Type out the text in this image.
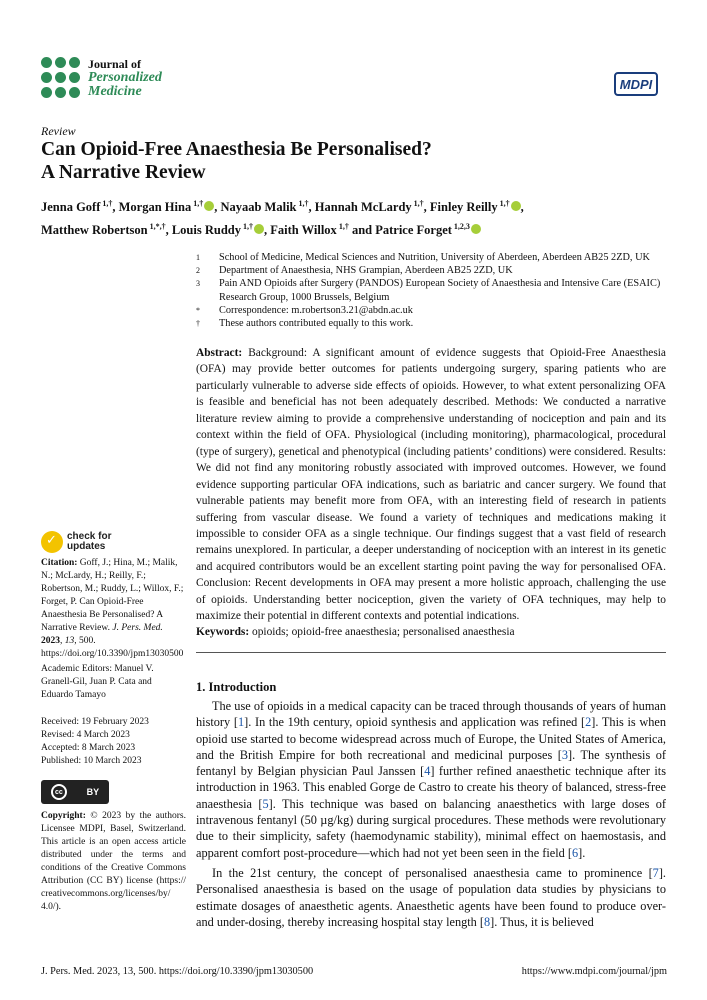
Journal of
Personalized
Medicine	MDPI
Review
Can Opioid-Free Anaesthesia Be Personalised?
A Narrative Review
Jenna Goff $^{1,\dagger}$, Morgan Hina $^{1,\dagger}$ , Nayaab Malik $^{1,\dagger}$, Hannah McLardy $^{1,\dagger}$, Finley Reilly $^{1,\dagger}$ ,
Matthew Robertson $^{1,*,\dagger}$, Louis Ruddy $^{1,\dagger}$ , Faith Willox $^{1,\dagger}$ and Patrice Forget $^{1,2,3}$
1	School of Medicine, Medical Sciences and Nutrition, University of Aberdeen, Aberdeen AB25 2ZD, UK
2	Department of Anaesthesia, NHS Grampian, Aberdeen AB25 2ZD, UK
3	Pain AND Opioids after Surgery (PANDOS) European Society of Anaesthesia and Intensive Care (ESAIC) Research Group, 1000 Brussels, Belgium
*	Correspondence: m.robertson3.21@abdn.ac.uk
†	These authors contributed equally to this work.
Abstract: Background: A significant amount of evidence suggests that Opioid-Free Anaesthesia (OFA) may provide better outcomes for patients undergoing surgery, sparing patients who are particularly vulnerable to adverse side effects of opioids. However, to what extent personalizing OFA is feasible and beneficial has not been adequately described. Methods: We conducted a narrative literature review aiming to provide a comprehensive understanding of nociception and pain and its context within the field of OFA. Physiological (including monitoring), pharmacological, procedural (type of surgery), genetical and phenotypical (including patients’ conditions) were considered. Results: We did not find any monitoring robustly associated with improved outcomes. However, we found evidence supporting particular OFA indications, such as bariatric and cancer surgery. We found that vulnerable patients may benefit more from OFA, with an interesting field of research in patients suffering from vascular disease. We found a variety of techniques and medications making it impossible to consider OFA as a single technique. Our findings suggest that a vast field of research remains unexplored. In particular, a deeper understanding of nociception with an interest in its genetic and acquired contributors would be an excellent starting point paving the way for personalised OFA. Conclusion: Recent developments in OFA may present a more holistic approach, challenging the use of opioids. Understanding better nociception, given the variety of OFA techniques, may help to maximize their potential in different contexts and potential indications.
Keywords: opioids; opioid-free anaesthesia; personalised anaesthesia
✓
check for
updates
Citation: Goff, J.; Hina, M.; Malik, N.; McLardy, H.; Reilly, F.; Robertson, M.; Ruddy, L.; Willox, F.; Forget, P. Can Opioid-Free Anaesthesia Be Personalised? A Narrative Review. J. Pers. Med. 2023, 13, 500. https://doi.org/10.3390/jpm13030500
Academic Editors: Manuel V. Granell-Gil, Juan P. Cata and Eduardo Tamayo
Received: 19 February 2023
Revised: 4 March 2023
Accepted: 8 March 2023
Published: 10 March 2023
cc	BY
Copyright: © 2023 by the authors. Licensee MDPI, Basel, Switzerland. This article is an open access article distributed under the terms and conditions of the Creative Commons Attribution (CC BY) license (https:// creativecommons.org/licenses/by/ 4.0/).
1. Introduction

The use of opioids in a medical capacity can be traced through thousands of years of human history [1]. In the 19th century, opioid synthesis and application was refined [2]. This is when opioid use started to become widespread across much of Europe, the United States of America, and the British Empire for both recreational and medicinal purposes [3]. The synthesis of fentanyl by Belgian physician Paul Janssen [4] further refined anaesthetic technique after its introduction in 1963. This enabled Gorge de Castro to create his theory of balanced, stress-free anaesthesia [5]. This technique was based on balancing anaesthetics with large doses of intravenous fentanyl (50 µg/kg) during surgical procedures. These methods were revolutionary due to their simplicity, safety (haemodynamic stability), minimal effect on haemostasis, and apparent comfort post-procedure—which had not yet been seen in the field [6].

In the 21st century, the concept of personalised anaesthesia came to prominence [7]. Personalised anaesthesia is based on the usage of population data studies by physicians to estimate dosages of anaesthetic agents. Anaesthetic agents have been found to produce over- and under-dosing, thereby increasing hospital stay length [8]. Thus, it is believed

J. Pers. Med. 2023, 13, 500. https://doi.org/10.3390/jpm13030500	https://www.mdpi.com/journal/jpm
